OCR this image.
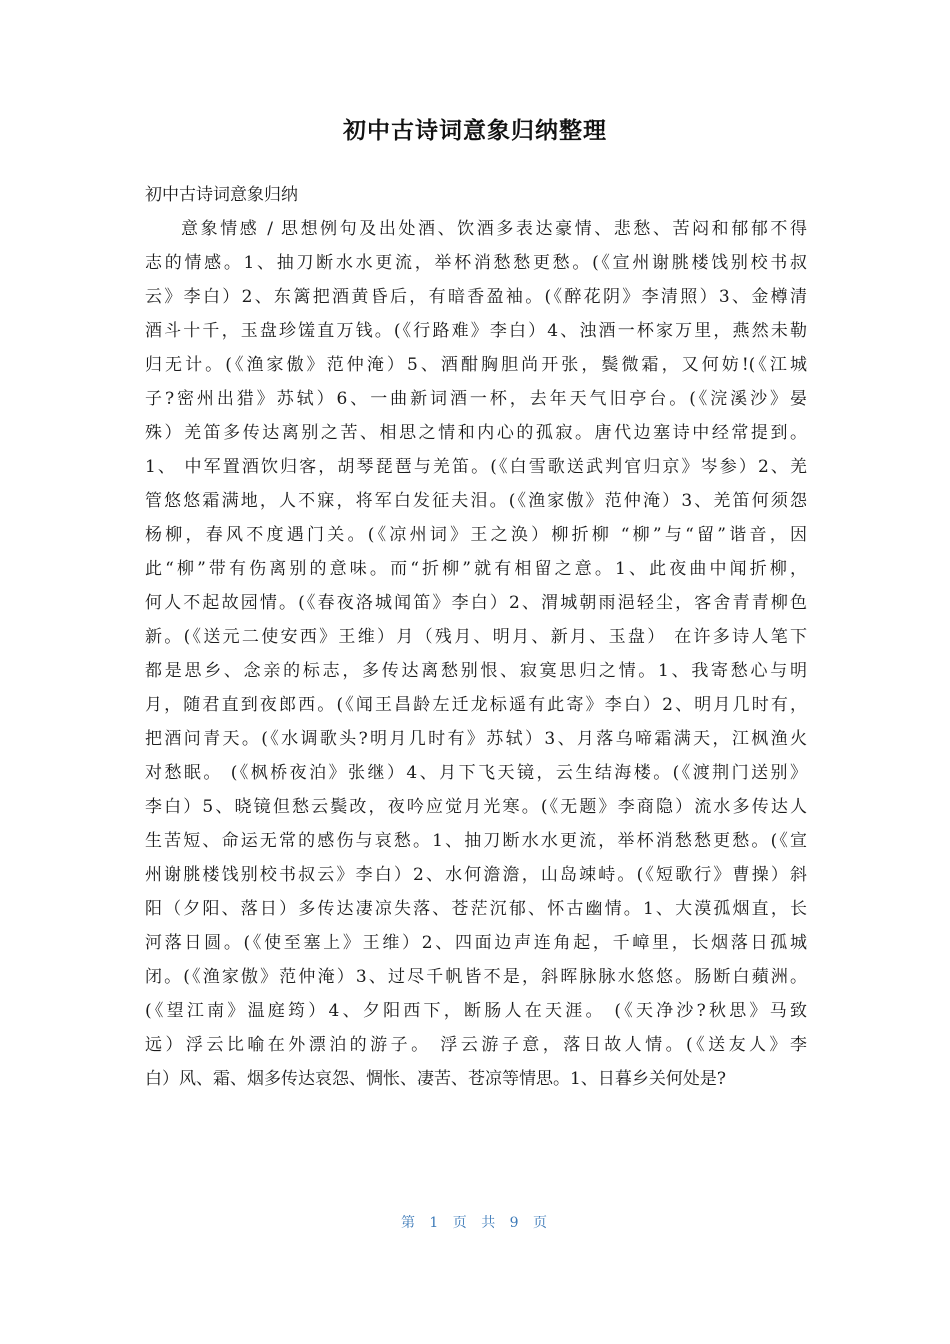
初中古诗词意象归纳整理
初中古诗词意象归纳
意象情感 / 思想例句及出处酒、饮酒多表达豪情、悲愁、苦闷和郁郁不得
志的情感。1、抽刀断水水更流，举杯消愁愁更愁。(《宣州谢朓楼饯别校书叔
云》李白）2、东篱把酒黄昏后，有暗香盈袖。(《醉花阴》李清照）3、金樽清
酒斗十千，玉盘珍馐直万钱。(《行路难》李白）4、浊酒一杯家万里，燕然未勒
归无计。(《渔家傲》范仲淹）5、酒酣胸胆尚开张，鬓微霜，又何妨!(《江城
子?密州出猎》苏轼）6、一曲新词酒一杯，去年天气旧亭台。(《浣溪沙》晏
殊）羌笛多传达离别之苦、相思之情和内心的孤寂。唐代边塞诗中经常提到。
1、 中军置酒饮归客，胡琴琵琶与羌笛。(《白雪歌送武判官归京》岑参）2、羌
管悠悠霜满地，人不寐，将军白发征夫泪。(《渔家傲》范仲淹）3、羌笛何须怨
杨柳，春风不度遇门关。(《凉州词》王之涣）柳折柳 “柳”与“留”谐音，因
此“柳”带有伤离别的意味。而“折柳”就有相留之意。1、此夜曲中闻折柳，
何人不起故园情。(《春夜洛城闻笛》李白）2、渭城朝雨浥轻尘，客舍青青柳色
新。(《送元二使安西》王维）月（残月、明月、新月、玉盘） 在许多诗人笔下
都是思乡、念亲的标志，多传达离愁别恨、寂寞思归之情。1、我寄愁心与明
月，随君直到夜郎西。(《闻王昌龄左迁龙标遥有此寄》李白）2、明月几时有，
把酒问青天。(《水调歌头?明月几时有》苏轼）3、月落乌啼霜满天，江枫渔火
对愁眠。 (《枫桥夜泊》张继）4、月下飞天镜，云生结海楼。(《渡荆门送别》
李白）5、晓镜但愁云鬓改，夜吟应觉月光寒。(《无题》李商隐）流水多传达人
生苦短、命运无常的感伤与哀愁。1、抽刀断水水更流，举杯消愁愁更愁。(《宣
州谢朓楼饯别校书叔云》李白）2、水何澹澹，山岛竦峙。(《短歌行》曹操）斜
阳（夕阳、落日）多传达凄凉失落、苍茫沉郁、怀古幽情。1、大漠孤烟直，长
河落日圆。(《使至塞上》王维）2、四面边声连角起，千嶂里，长烟落日孤城
闭。(《渔家傲》范仲淹）3、过尽千帆皆不是，斜晖脉脉水悠悠。肠断白蘋洲。
(《望江南》温庭筠）4、夕阳西下，断肠人在天涯。 (《天净沙?秋思》马致
远）浮云比喻在外漂泊的游子。 浮云游子意，落日故人情。(《送友人》李
白）风、霜、烟多传达哀怨、惆怅、凄苦、苍凉等情思。1、日暮乡关何处是?
第 1 页 共 9 页
